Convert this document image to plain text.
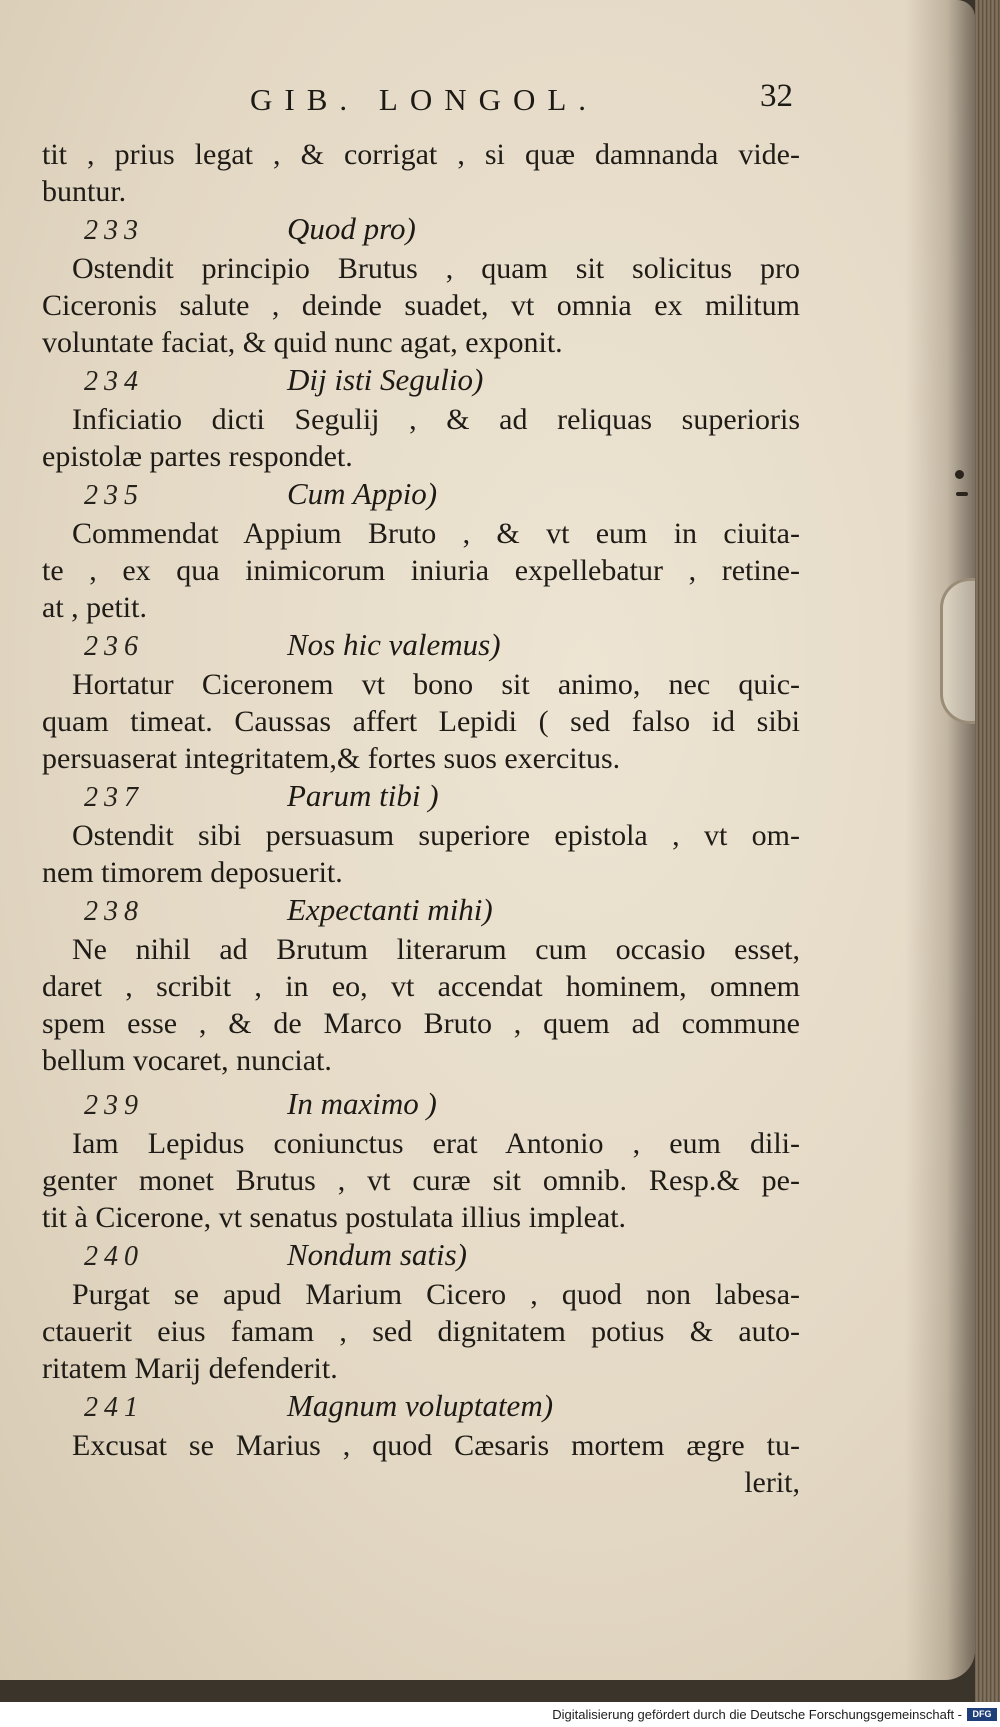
GIB. LONGOL.	32
tit , prius legat , & corrigat , si quæ damnanda vide-
buntur.
233	Quod pro)
Ostendit principio Brutus , quam sit solicitus pro
Ciceronis salute , deinde suadet, vt omnia ex militum
voluntate faciat, & quid nunc agat, exponit.
234	Dij isti Segulio)
Inficiatio dicti Segulij , & ad reliquas superioris
epistolæ partes respondet.
235	Cum Appio)
Commendat Appium Bruto , & vt eum in ciuita-
te , ex qua inimicorum iniuria expellebatur , retine-
at , petit.
236	Nos hic valemus)
Hortatur Ciceronem vt bono sit animo, nec quic-
quam timeat. Caussas affert Lepidi ( sed falso id sibi
persuaserat integritatem,& fortes suos exercitus.
237	Parum tibi )
Ostendit sibi persuasum superiore epistola , vt om-
nem timorem deposuerit.
238	Expectanti mihi)
Ne nihil ad Brutum literarum cum occasio esset,
daret , scribit , in eo, vt accendat hominem, omnem
spem esse , & de Marco Bruto , quem ad commune
bellum vocaret, nunciat.
239	In maximo )
Iam Lepidus coniunctus erat Antonio , eum dili-
genter monet Brutus , vt curæ sit omnib. Resp.& pe-
tit à Cicerone, vt senatus postulata illius impleat.
240	Nondum satis)
Purgat se apud Marium Cicero , quod non labesa-
ctauerit eius famam , sed dignitatem potius & auto-
ritatem Marij defenderit.
241	Magnum voluptatem)
Excusat se Marius , quod Cæsaris mortem ægre tu-
lerit,
Digitalisierung gefördert durch die Deutsche Forschungsgemeinschaft -	DFG
